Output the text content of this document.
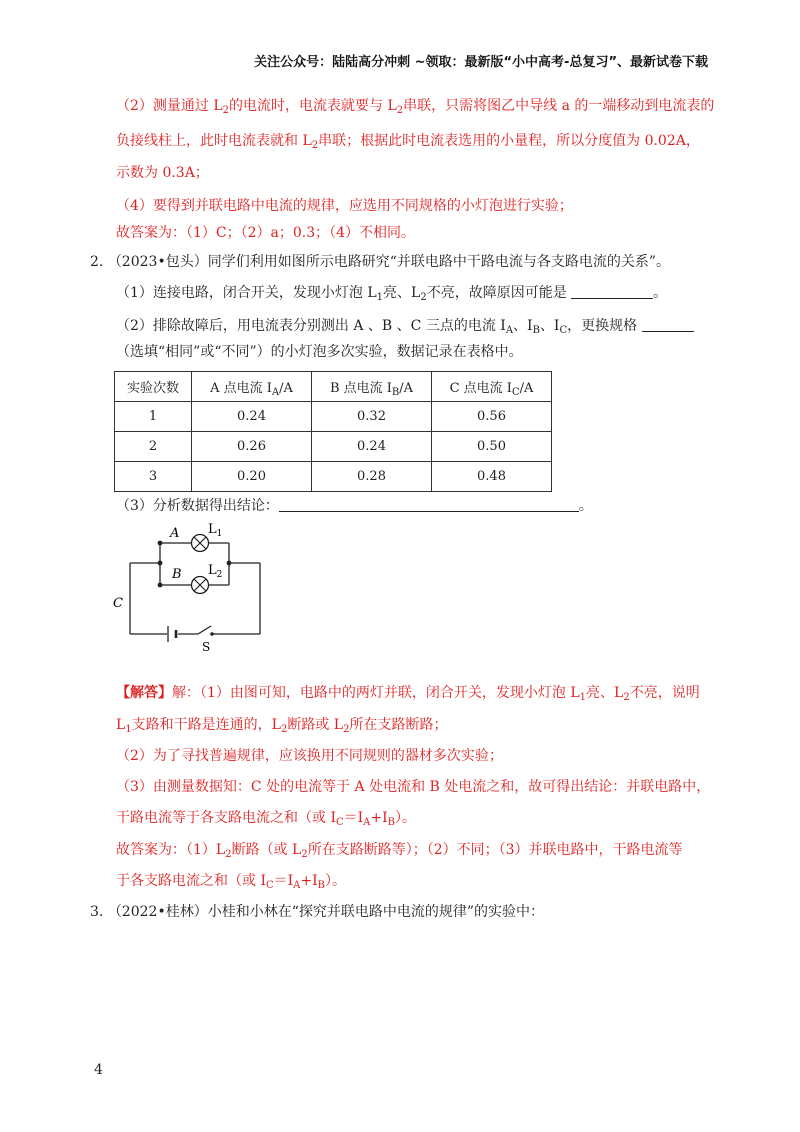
关注公众号：陆陆高分冲刺 ~领取：最新版“小中高考-总复习”、最新试卷下载
（2）测量通过 $L_2$的电流时，电流表就要与 $L_2$串联，只需将图乙中导线 a 的一端移动到电流表的
负接线柱上，此时电流表就和 $L_2$串联；根据此时电流表选用的小量程，所以分度值为 0.02A，
示数为 0.3A；
（4）要得到并联电路中电流的规律，应选用不同规格的小灯泡进行实验；
故答案为：（1）C；（2）a；0.3；（4）不相同。
2. （2023•包头）同学们利用如图所示电路研究“并联电路中干路电流与各支路电流的关系”。
（1）连接电路，闭合开关，发现小灯泡 $L_1$亮、$L_2$不亮，故障原因可能是	。
（2）排除故障后，用电流表分别测出 A 、B 、C 三点的电流 $I_A$、$I_B$、$I_C$，更换规格
（选填“相同”或“不同”）的小灯泡多次实验，数据记录在表格中。
实验次数	A 点电流 $I_A/A$	B 点电流 $I_B/A$	C 点电流 $I_C/A$
1	0.24	0.32	0.56
2	0.26	0.24	0.50
3	0.20	0.28	0.48
（3）分析数据得出结论：	。
A
B
C
$L_1$
$L_2$
S
【解答】解：（1）由图可知，电路中的两灯并联，闭合开关，发现小灯泡 $L_1$亮、$L_2$不亮，说明
$L_1$支路和干路是连通的，$L_2$断路或 $L_2$所在支路断路；
（2）为了寻找普遍规律，应该换用不同规则的器材多次实验；
（3）由测量数据知：C 处的电流等于 A 处电流和 B 处电流之和，故可得出结论：并联电路中，
干路电流等于各支路电流之和（或 $I_C=I_A+I_B$）。
故答案为：$(1)L_2$断路（或 $L_2$所在支路断路等）；（2）不同；（3）并联电路中，干路电流等
于各支路电流之和（或 $I_C=I_A+I_B$）。
3. （2022•桂林）小桂和小林在“探究并联电路中电流的规律”的实验中：
4
